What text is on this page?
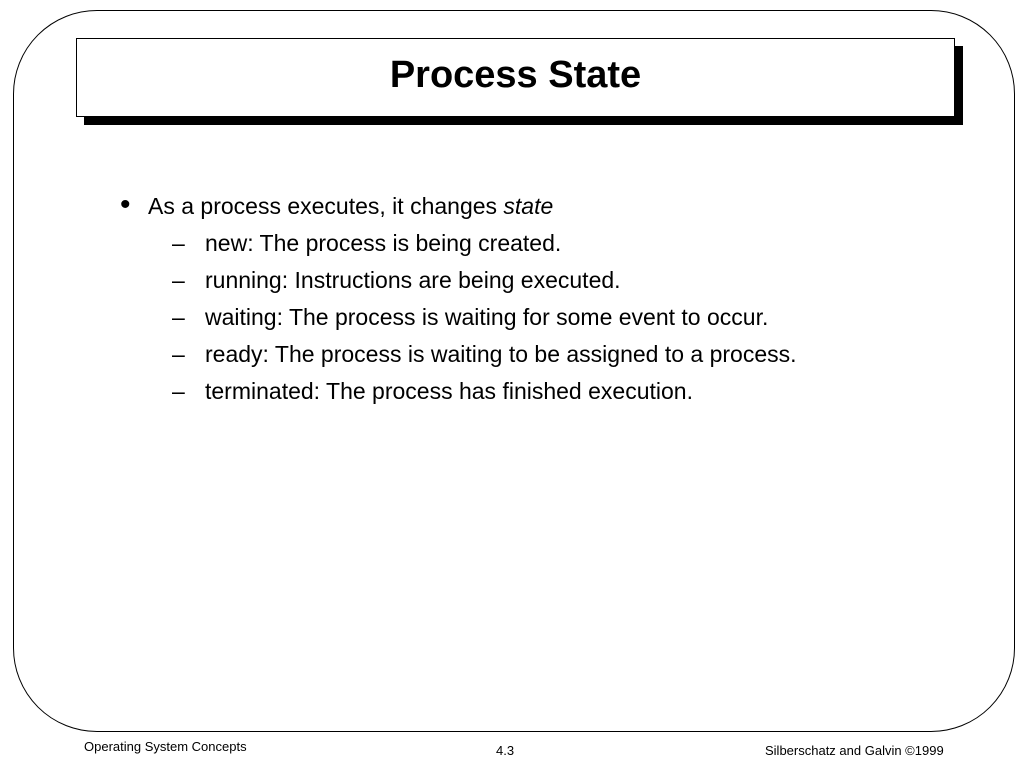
Process State
• As a process executes, it changes state
– new: The process is being created.
– running: Instructions are being executed.
– waiting: The process is waiting for some event to occur.
– ready: The process is waiting to be assigned to a process.
– terminated: The process has finished execution.
Operating System Concepts	4.3	Silberschatz and Galvin ©1999
